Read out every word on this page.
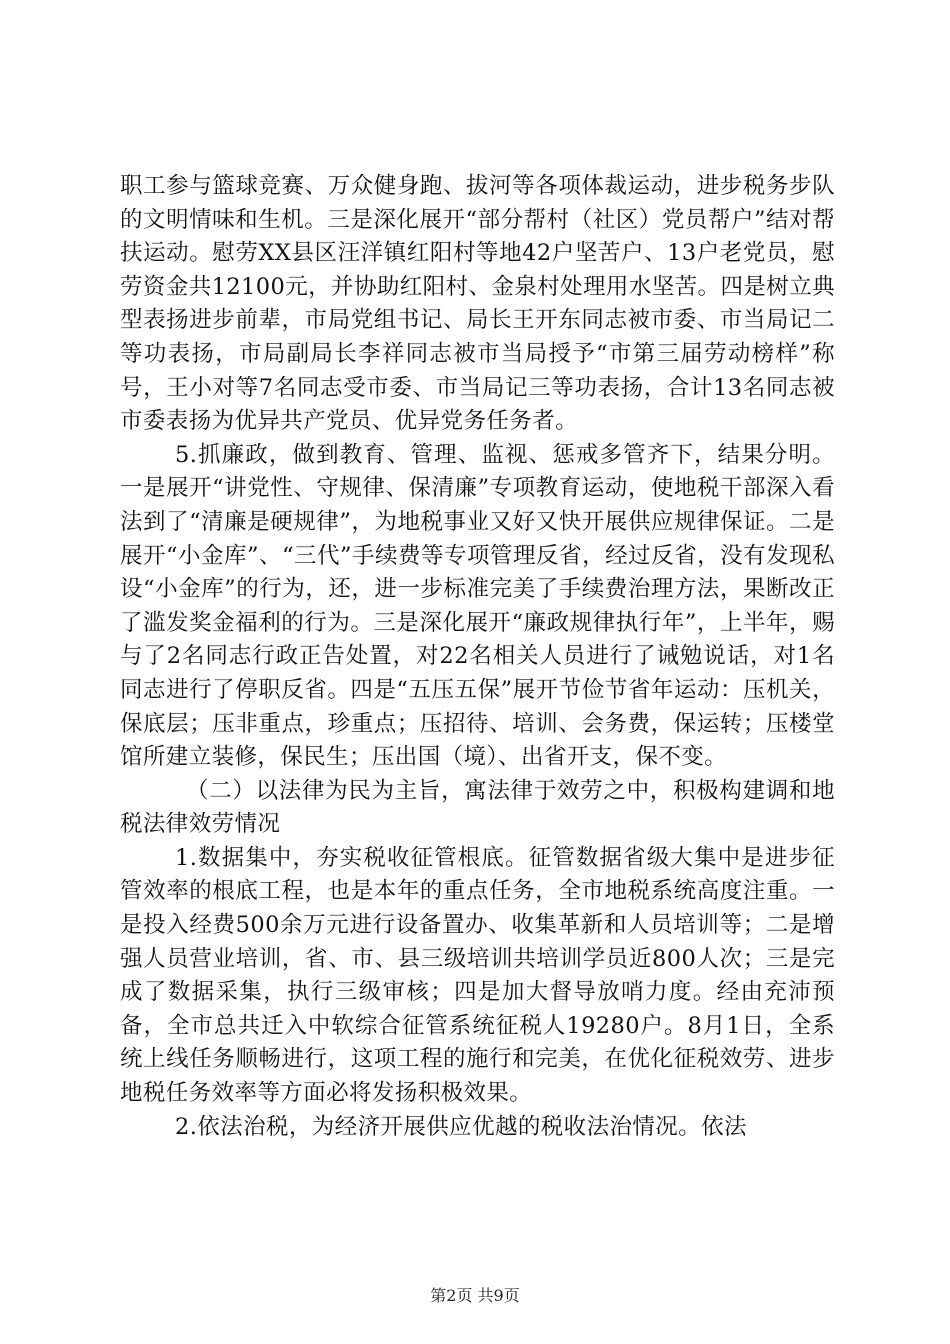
职工参与篮球竞赛、万众健身跑、拔河等各项体裁运动，进步税务步队的文明情味和生机。三是深化展开“部分帮村（社区）党员帮户”结对帮扶运动。慰劳XX县区汪洋镇红阳村等地42户坚苦户、13户老党员，慰劳资金共12100元，并协助红阳村、金泉村处理用水坚苦。四是树立典型表扬进步前辈，市局党组书记、局长王开东同志被市委、市当局记二等功表扬，市局副局长李祥同志被市当局授予“市第三届劳动榜样”称号，王小对等7名同志受市委、市当局记三等功表扬，合计13名同志被市委表扬为优异共产党员、优异党务任务者。

5.抓廉政，做到教育、管理、监视、惩戒多管齐下，结果分明。一是展开“讲党性、守规律、保清廉”专项教育运动，使地税干部深入看法到了“清廉是硬规律”，为地税事业又好又快开展供应规律保证。二是展开“小金库”、“三代”手续费等专项管理反省，经过反省，没有发现私设“小金库”的行为，还，进一步标准完美了手续费治理方法，果断改正了滥发奖金福利的行为。三是深化展开“廉政规律执行年”，上半年，赐与了2名同志行政正告处置，对22名相关人员进行了诫勉说话，对1名同志进行了停职反省。四是“五压五保”展开节俭节省年运动：压机关，保底层；压非重点，珍重点；压招待、培训、会务费，保运转；压楼堂馆所建立装修，保民生；压出国（境）、出省开支，保不变。

（二）以法律为民为主旨，寓法律于效劳之中，积极构建调和地税法律效劳情况

1.数据集中，夯实税收征管根底。征管数据省级大集中是进步征管效率的根底工程，也是本年的重点任务，全市地税系统高度注重。一是投入经费500余万元进行设备置办、收集革新和人员培训等；二是增强人员营业培训，省、市、县三级培训共培训学员近800人次；三是完成了数据采集，执行三级审核；四是加大督导放哨力度。经由充沛预备，全市总共迁入中软综合征管系统征税人19280户。8月1日，全系统上线任务顺畅进行，这项工程的施行和完美，在优化征税效劳、进步地税任务效率等方面必将发扬积极效果。

2.依法治税，为经济开展供应优越的税收法治情况。依法

第2页 共9页
